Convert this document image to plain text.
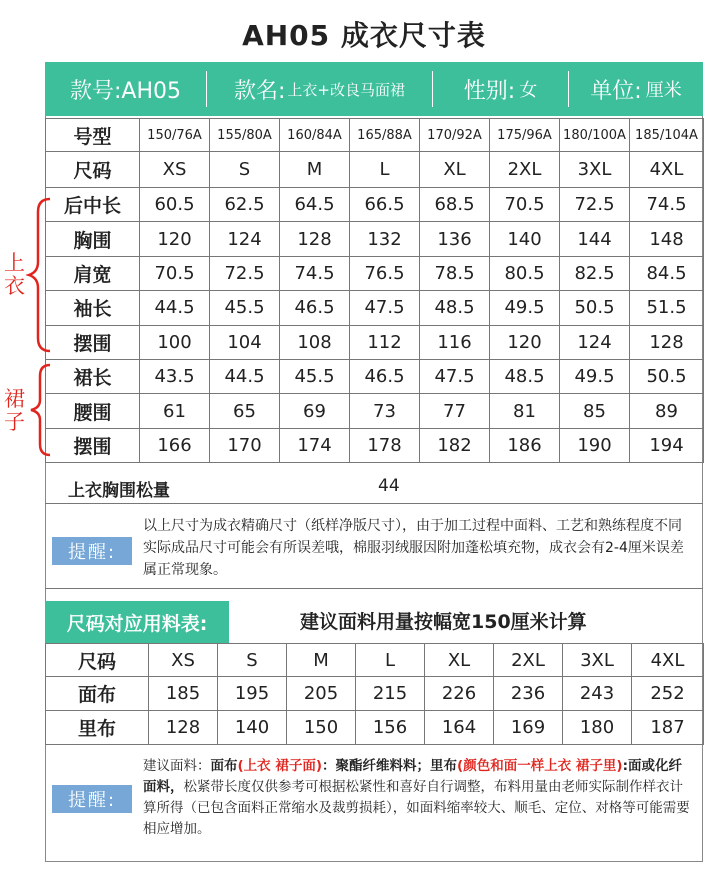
AH05 成衣尺寸表
款号:AH05 款名: 上衣+改良马面裙	性别: 女 单位: 厘米
号型	150/76A	155/80A	160/84A	165/88A	170/92A	175/96A	180/100A	185/104A
尺码	XS	S	M	L	XL	2XL	3XL	4XL
后中长	60.5	62.5	64.5	66.5	68.5	70.5	72.5	74.5
胸围	120	124	128	132	136	140	144	148
肩宽	70.5	72.5	74.5	76.5	78.5	80.5	82.5	84.5
袖长	44.5	45.5	46.5	47.5	48.5	49.5	50.5	51.5
摆围	100	104	108	112	116	120	124	128
裙长	43.5	44.5	45.5	46.5	47.5	48.5	49.5	50.5
腰围	61	65	69	73	77	81	85	89
摆围	166	170	174	178	182	186	190	194
上衣
裙子
上衣胸围松量	44
提醒:
以上尺寸为成衣精确尺寸（纸样净版尺寸），由于加工过程中面料、工艺和熟练程度不同实际成品尺寸可能会有所误差哦，棉服羽绒服因附加蓬松填充物，成衣会有2-4厘米误差属正常现象。
尺码对应用料表:	建议面料用量按幅宽150厘米计算
尺码	XS	S	M	L	XL	2XL	3XL	4XL
面布	185	195	205	215	226	236	243	252
里布	128	140	150	156	164	169	180	187
提醒:
建议面料：面布(上衣 裙子面)：聚酯纤维料料；里布(颜色和面一样上衣 裙子里):面或化纤面料，松紧带长度仅供参考可根据松紧性和喜好自行调整，布料用量由老师实际制作样衣计算所得（已包含面料正常缩水及裁剪损耗），如面料缩率较大、顺毛、定位、对格等可能需要相应增加。
